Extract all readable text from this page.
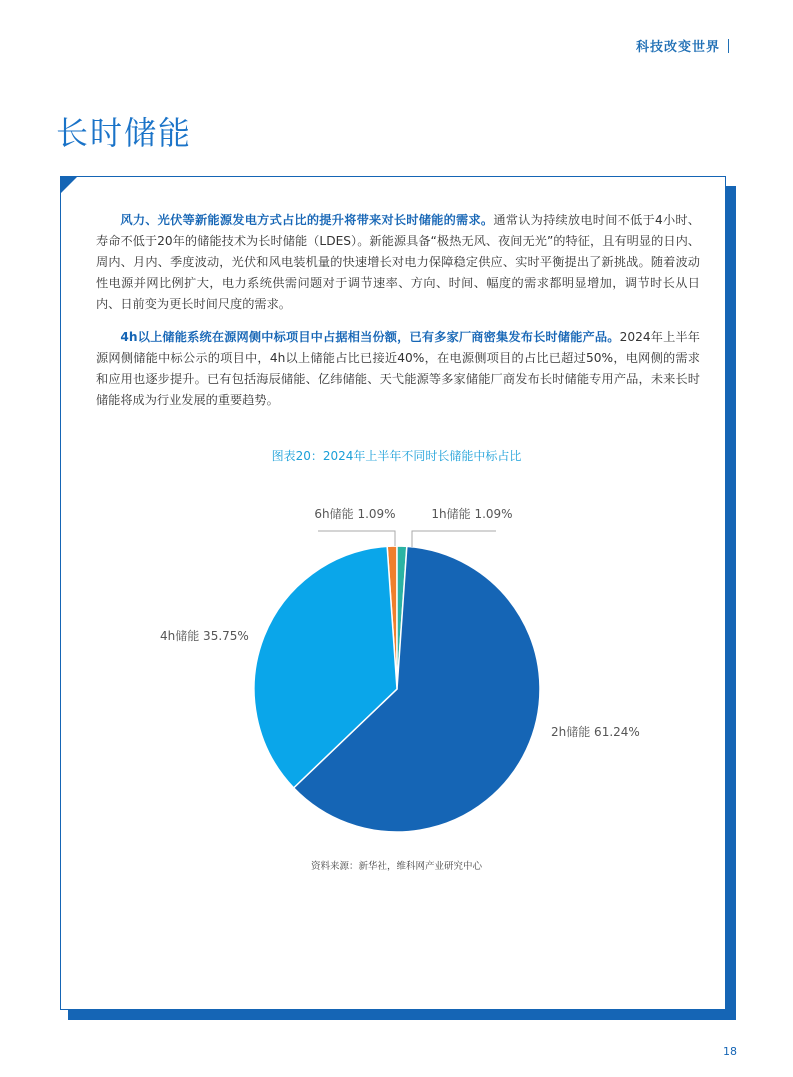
科技改变世界
长时储能

风力、光伏等新能源发电方式占比的提升将带来对长时储能的需求。通常认为持续放电时间不低于4小时、寿命不低于20年的储能技术为长时储能（LDES）。新能源具备“极热无风、夜间无光”的特征，且有明显的日内、周内、月内、季度波动，光伏和风电装机量的快速增长对电力保障稳定供应、实时平衡提出了新挑战。随着波动性电源并网比例扩大，电力系统供需问题对于调节速率、方向、时间、幅度的需求都明显增加，调节时长从日内、日前变为更长时间尺度的需求。

4h以上储能系统在源网侧中标项目中占据相当份额，已有多家厂商密集发布长时储能产品。2024年上半年源网侧储能中标公示的项目中，4h以上储能占比已接近40%，在电源侧项目的占比已超过50%，电网侧的需求和应用也逐步提升。已有包括海辰储能、亿纬储能、天弋能源等多家储能厂商发布长时储能专用产品，未来长时储能将成为行业发展的重要趋势。

图表20：2024年上半年不同时长储能中标占比
6h储能 1.09%	1h储能 1.09%
2h储能 61.24%
4h储能 35.75%
资料来源：新华社，维科网产业研究中心
18
